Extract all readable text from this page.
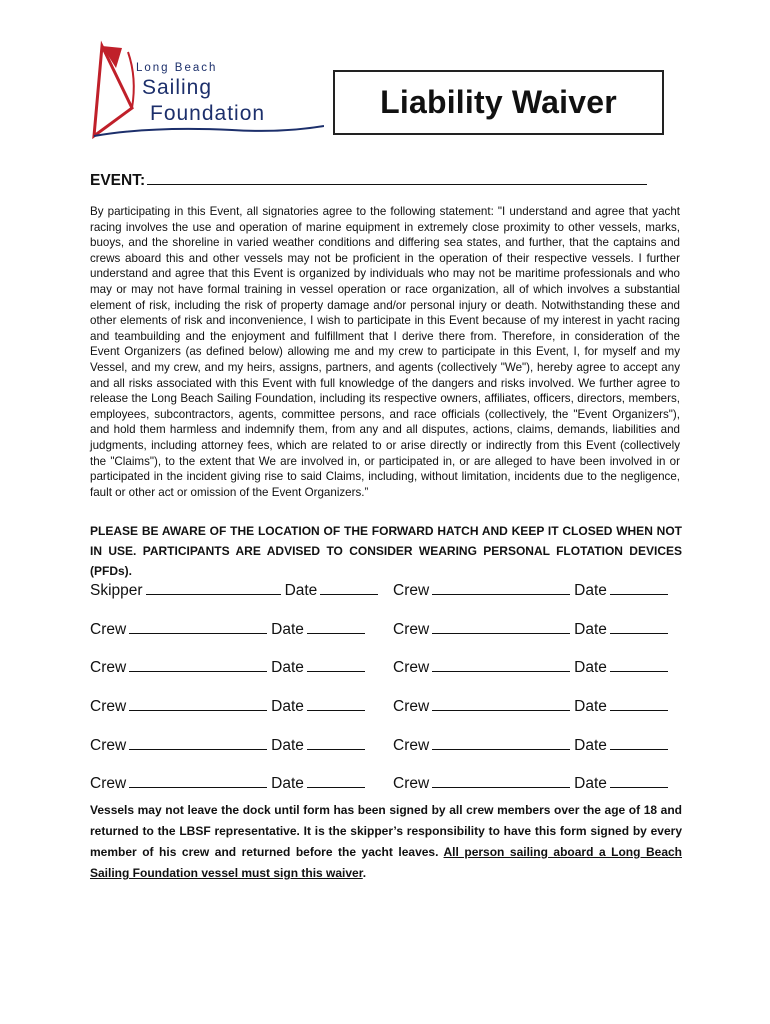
Long Beach
Sailing
Foundation	Liability Waiver
EVENT:
By participating in this Event, all signatories agree to the following statement: "I understand and agree that yacht racing involves the use and operation of marine equipment in extremely close proximity to other vessels, marks, buoys, and the shoreline in varied weather conditions and differing sea states, and further, that the captains and crews aboard this and other vessels may not be proficient in the operation of their respective vessels. I further understand and agree that this Event is organized by individuals who may not be maritime professionals and who may or may not have formal training in vessel operation or race organization, all of which involves a substantial element of risk, including the risk of property damage and/or personal injury or death. Notwithstanding these and other elements of risk and inconvenience, I wish to participate in this Event because of my interest in yacht racing and teambuilding and the enjoyment and fulfillment that I derive there from. Therefore, in consideration of the Event Organizers (as defined below) allowing me and my crew to participate in this Event, I, for myself and my Vessel, and my crew, and my heirs, assigns, partners, and agents (collectively "We"), hereby agree to accept any and all risks associated with this Event with full knowledge of the dangers and risks involved. We further agree to release the Long Beach Sailing Foundation, including its respective owners, affiliates, officers, directors, members, employees, subcontractors, agents, committee persons, and race officials (collectively, the "Event Organizers"), and hold them harmless and indemnify them, from any and all disputes, actions, claims, demands, liabilities and judgments, including attorney fees, which are related to or arise directly or indirectly from this Event (collectively the "Claims"), to the extent that We are involved in, or participated in, or are alleged to have been involved in or participated in the incident giving rise to said Claims, including, without limitation, incidents due to the negligence, fault or other act or omission of the Event Organizers.”
PLEASE BE AWARE OF THE LOCATION OF THE FORWARD HATCH AND KEEP IT CLOSED WHEN NOT IN USE. PARTICIPANTS ARE ADVISED TO CONSIDER WEARING PERSONAL FLOTATION DEVICES (PFDs).
Skipper	Date	Crew	Date
Crew	Date	Crew	Date
Crew	Date	Crew	Date
Crew	Date	Crew	Date
Crew	Date	Crew	Date
Crew	Date	Crew	Date
Vessels may not leave the dock until form has been signed by all crew members over the age of 18 and returned to the LBSF representative. It is the skipper’s responsibility to have this form signed by every member of his crew and returned before the yacht leaves. All person sailing aboard a Long Beach Sailing Foundation vessel must sign this waiver.
